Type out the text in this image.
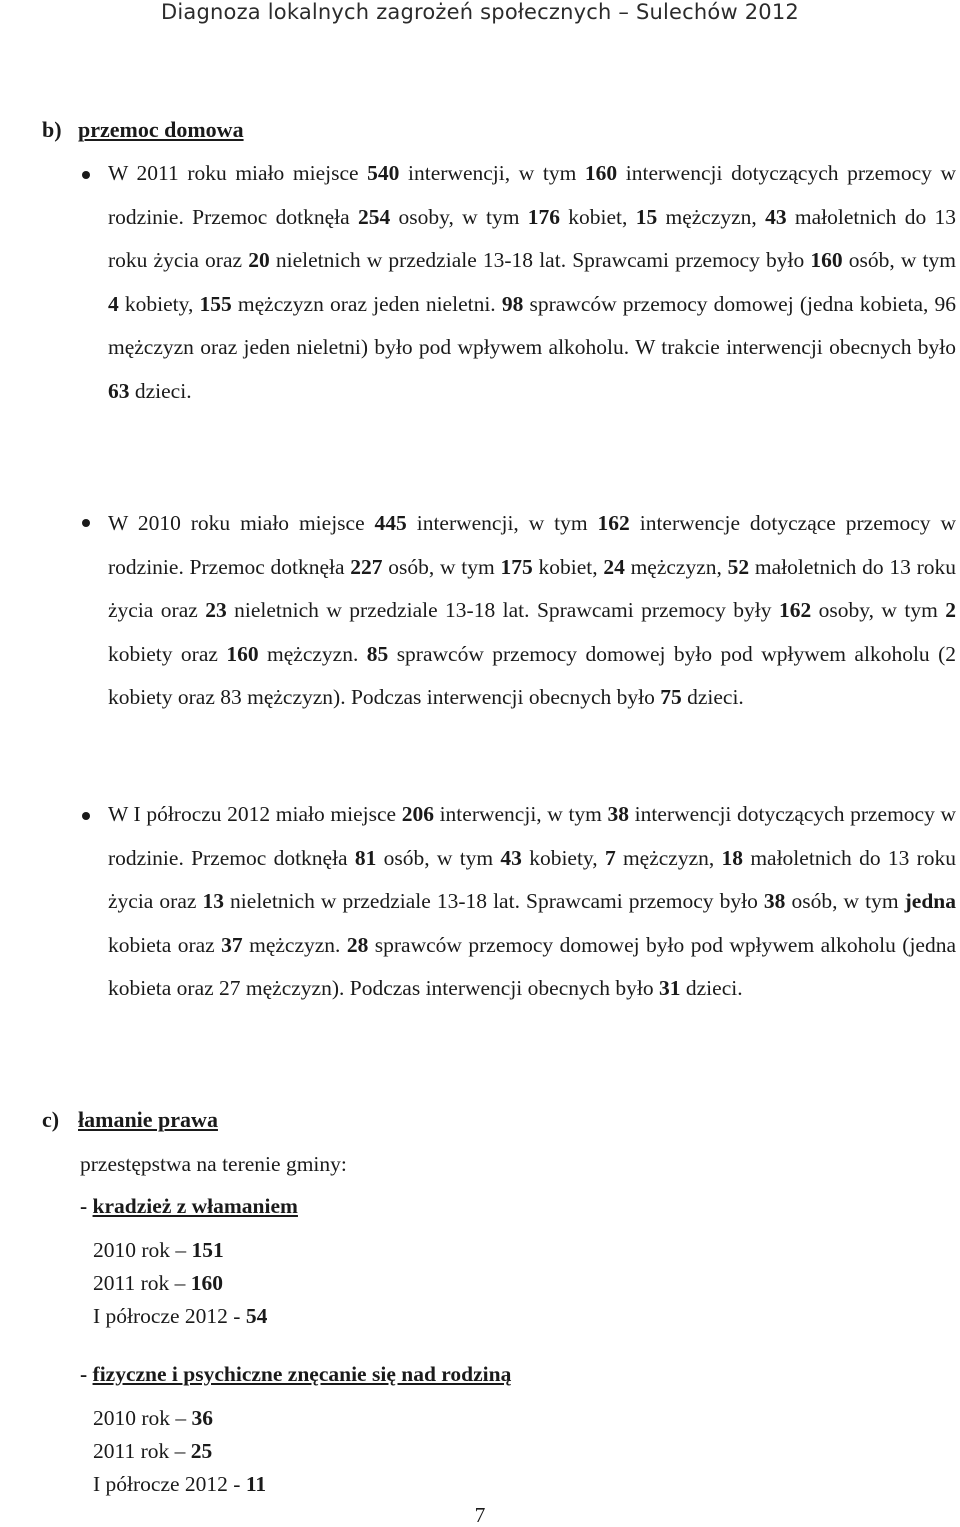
Diagnoza lokalnych zagrożeń społecznych – Sulechów 2012
b) przemoc domowa
W 2011 roku miało miejsce 540 interwencji, w tym 160 interwencji dotyczących przemocy w rodzinie. Przemoc dotknęła 254 osoby, w tym 176 kobiet, 15 mężczyzn, 43 małoletnich do 13 roku życia oraz 20 nieletnich w przedziale 13-18 lat. Sprawcami przemocy było 160 osób, w tym 4 kobiety, 155 mężczyzn oraz jeden nieletni. 98 sprawców przemocy domowej (jedna kobieta, 96 mężczyzn oraz jeden nieletni) było pod wpływem alkoholu. W trakcie interwencji obecnych było 63 dzieci.
W 2010 roku miało miejsce 445 interwencji, w tym 162 interwencje dotyczące przemocy w rodzinie. Przemoc dotknęła 227 osób, w tym 175 kobiet, 24 mężczyzn, 52 małoletnich do 13 roku życia oraz 23 nieletnich w przedziale 13-18 lat. Sprawcami przemocy były 162 osoby, w tym 2 kobiety oraz 160 mężczyzn. 85 sprawców przemocy domowej było pod wpływem alkoholu (2 kobiety oraz 83 mężczyzn). Podczas interwencji obecnych było 75 dzieci.
W I półroczu 2012 miało miejsce 206 interwencji, w tym 38 interwencji dotyczących przemocy w rodzinie. Przemoc dotknęła 81 osób, w tym 43 kobiety, 7 mężczyzn, 18 małoletnich do 13 roku życia oraz 13 nieletnich w przedziale 13-18 lat. Sprawcami przemocy było 38 osób, w tym jedna kobieta oraz 37 mężczyzn. 28 sprawców przemocy domowej było pod wpływem alkoholu (jedna kobieta oraz 27 mężczyzn). Podczas interwencji obecnych było 31 dzieci.
c) łamanie prawa
przestępstwa na terenie gminy:
- kradzież z włamaniem
2010 rok – 151
2011 rok – 160
I półrocze 2012 - 54
- fizyczne i psychiczne znęcanie się nad rodziną
2010 rok – 36
2011 rok – 25
I półrocze 2012 - 11
7
